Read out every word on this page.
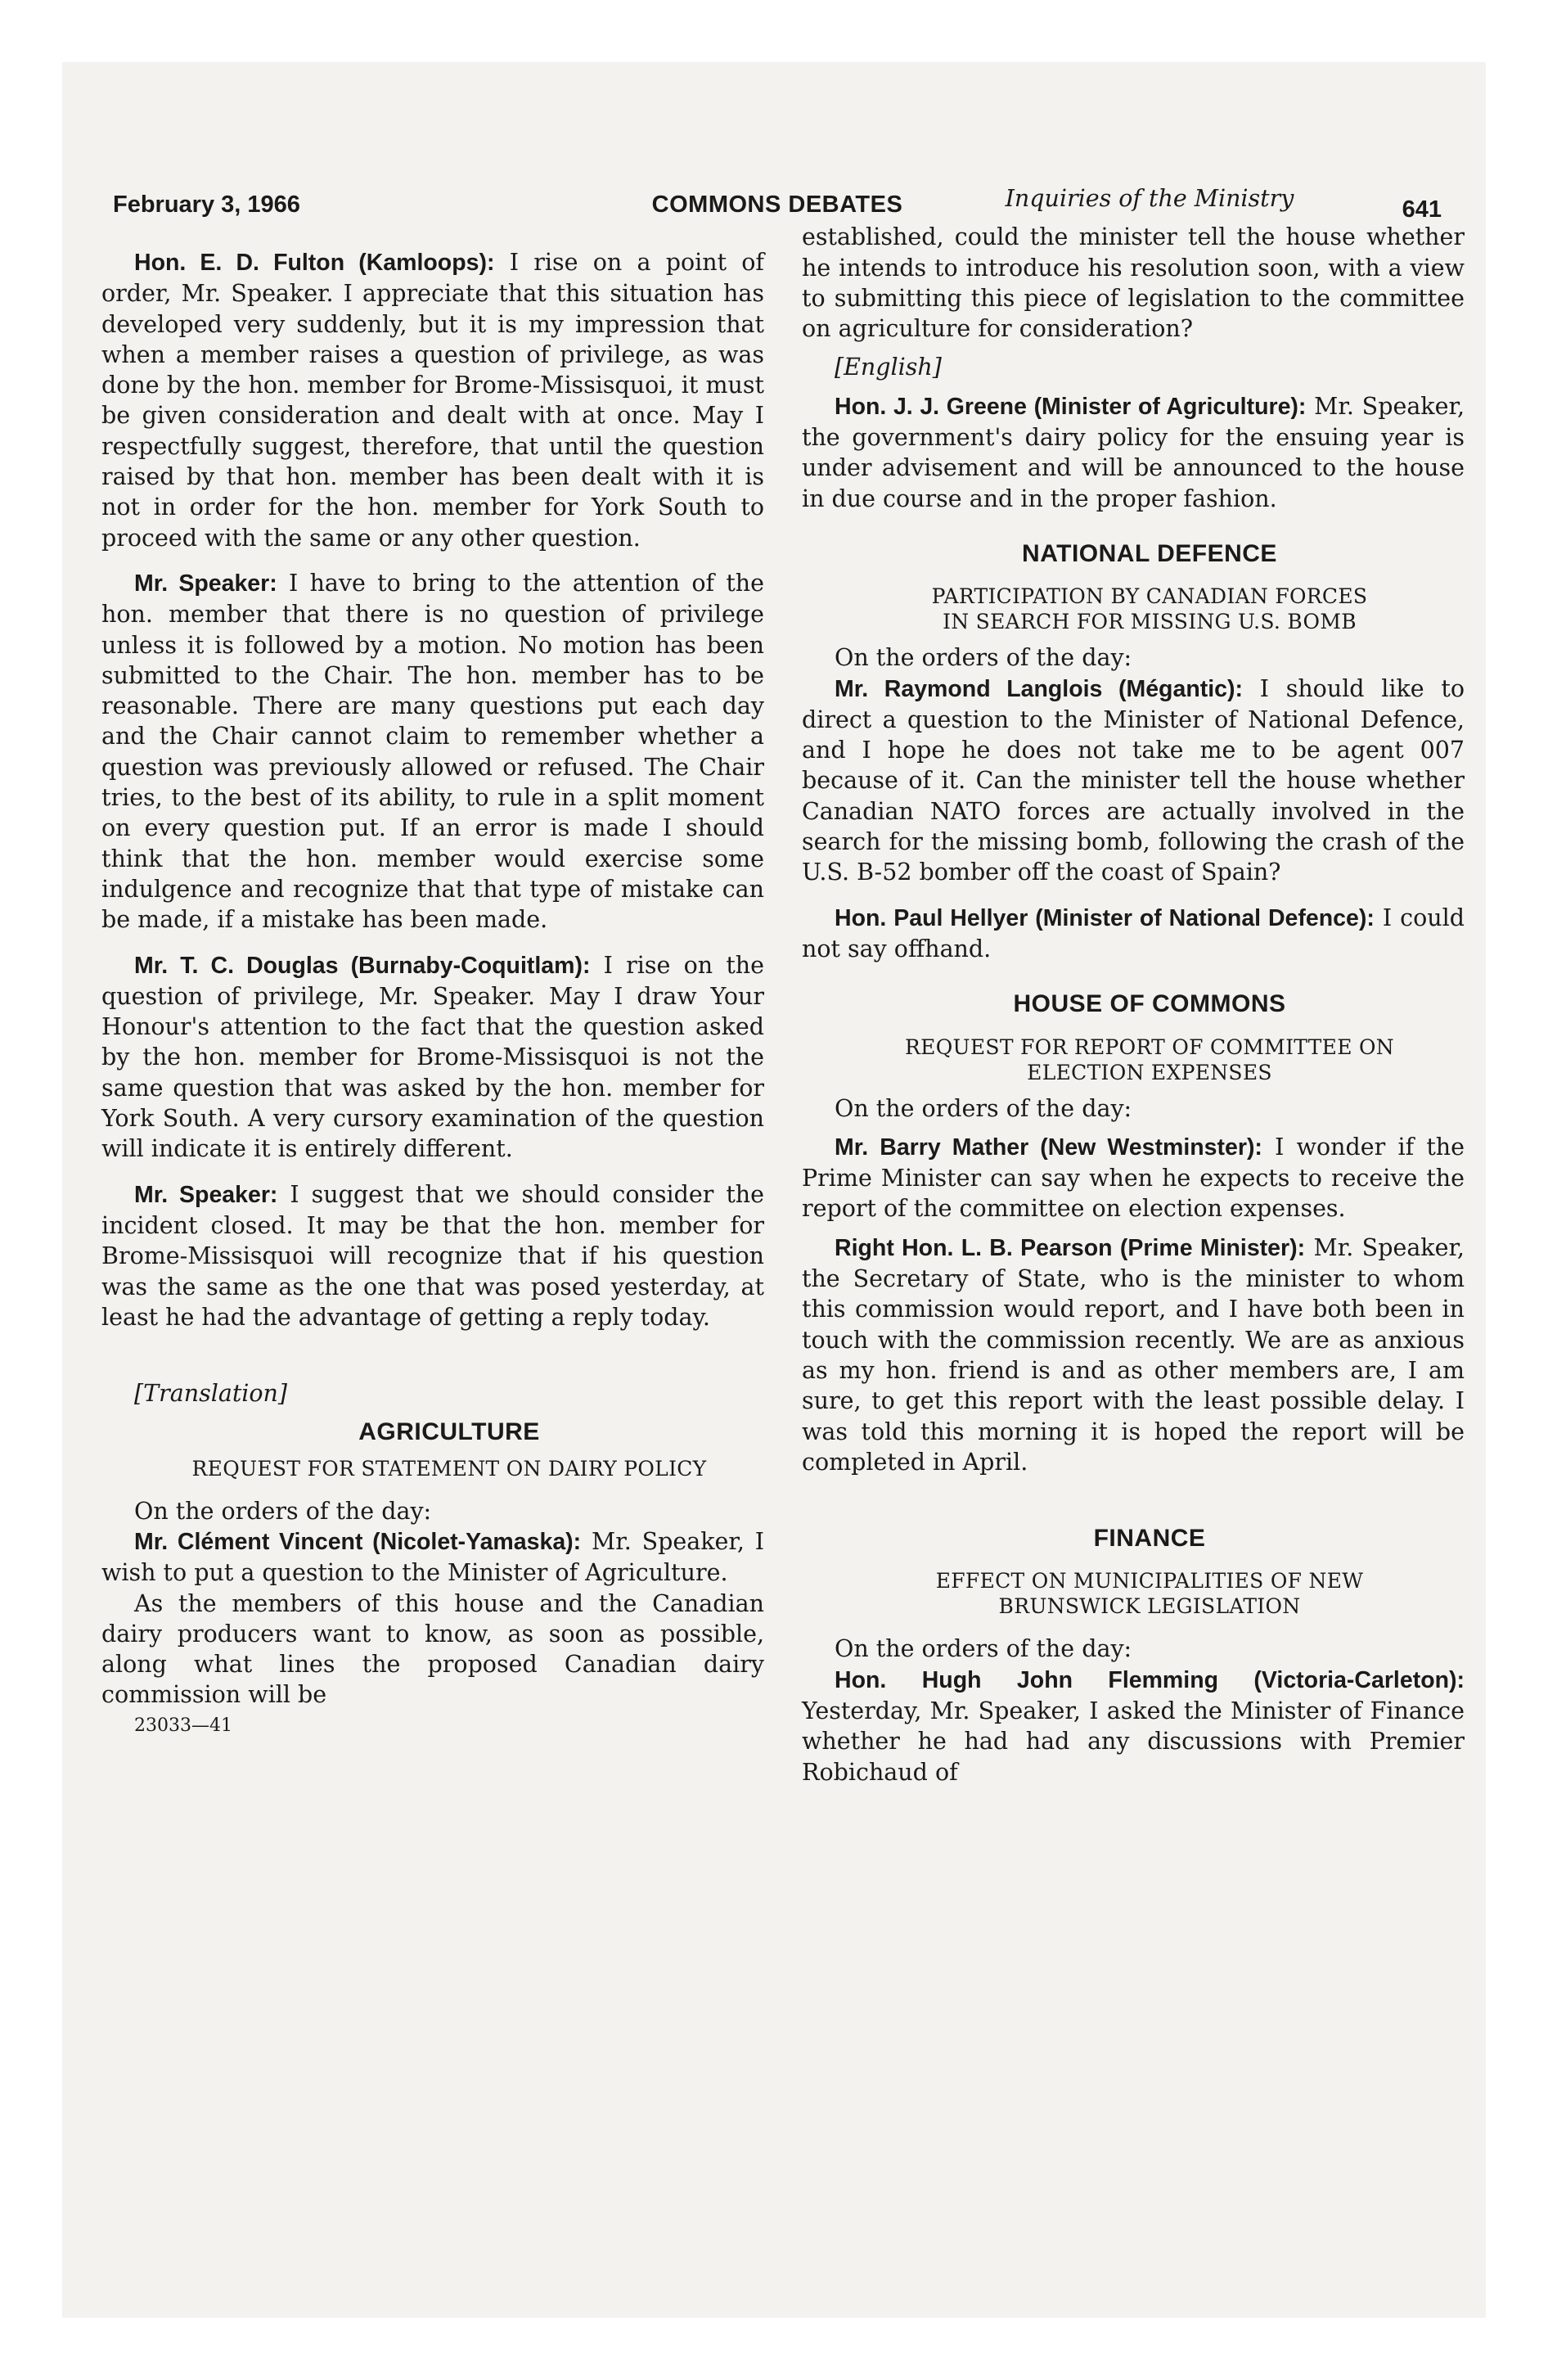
February 3, 1966	COMMONS DEBATES	641

Hon. E. D. Fulton (Kamloops): I rise on a point of order, Mr. Speaker. I appreciate that this situation has developed very suddenly, but it is my impression that when a member raises a question of privilege, as was done by the hon. member for Brome-Missisquoi, it must be given consideration and dealt with at once. May I respectfully suggest, therefore, that until the question raised by that hon. member has been dealt with it is not in order for the hon. member for York South to proceed with the same or any other question.

Mr. Speaker: I have to bring to the attention of the hon. member that there is no question of privilege unless it is followed by a motion. No motion has been submitted to the Chair. The hon. member has to be reasonable. There are many questions put each day and the Chair cannot claim to remember whether a question was previously allowed or refused. The Chair tries, to the best of its ability, to rule in a split moment on every question put. If an error is made I should think that the hon. member would exercise some indulgence and recognize that that type of mistake can be made, if a mistake has been made.

Mr. T. C. Douglas (Burnaby-Coquitlam): I rise on the question of privilege, Mr. Speaker. May I draw Your Honour's attention to the fact that the question asked by the hon. member for Brome-Missisquoi is not the same question that was asked by the hon. member for York South. A very cursory examination of the question will indicate it is entirely different.

Mr. Speaker: I suggest that we should consider the incident closed. It may be that the hon. member for Brome-Missisquoi will recognize that if his question was the same as the one that was posed yesterday, at least he had the advantage of getting a reply today.

[Translation]

AGRICULTURE

REQUEST FOR STATEMENT ON DAIRY POLICY

On the orders of the day:

Mr. Clément Vincent (Nicolet-Yamaska): Mr. Speaker, I wish to put a question to the Minister of Agriculture.

As the members of this house and the Canadian dairy producers want to know, as soon as possible, along what lines the proposed Canadian dairy commission will be

23033—41

Inquiries of the Ministry

established, could the minister tell the house whether he intends to introduce his resolution soon, with a view to submitting this piece of legislation to the committee on agriculture for consideration?

[English]

Hon. J. J. Greene (Minister of Agriculture): Mr. Speaker, the government's dairy policy for the ensuing year is under advisement and will be announced to the house in due course and in the proper fashion.

NATIONAL DEFENCE

PARTICIPATION BY CANADIAN FORCES

IN SEARCH FOR MISSING U.S. BOMB

On the orders of the day:

Mr. Raymond Langlois (Mégantic): I should like to direct a question to the Minister of National Defence, and I hope he does not take me to be agent 007 because of it. Can the minister tell the house whether Canadian NATO forces are actually involved in the search for the missing bomb, following the crash of the U.S. B-52 bomber off the coast of Spain?

Hon. Paul Hellyer (Minister of National Defence): I could not say offhand.

HOUSE OF COMMONS

REQUEST FOR REPORT OF COMMITTEE ON

ELECTION EXPENSES

On the orders of the day:

Mr. Barry Mather (New Westminster): I wonder if the Prime Minister can say when he expects to receive the report of the committee on election expenses.

Right Hon. L. B. Pearson (Prime Minister): Mr. Speaker, the Secretary of State, who is the minister to whom this commission would report, and I have both been in touch with the commission recently. We are as anxious as my hon. friend is and as other members are, I am sure, to get this report with the least possible delay. I was told this morning it is hoped the report will be completed in April.

FINANCE

EFFECT ON MUNICIPALITIES OF NEW

BRUNSWICK LEGISLATION

On the orders of the day:

Hon. Hugh John Flemming (Victoria-Carleton): Yesterday, Mr. Speaker, I asked the Minister of Finance whether he had had any discussions with Premier Robichaud of
